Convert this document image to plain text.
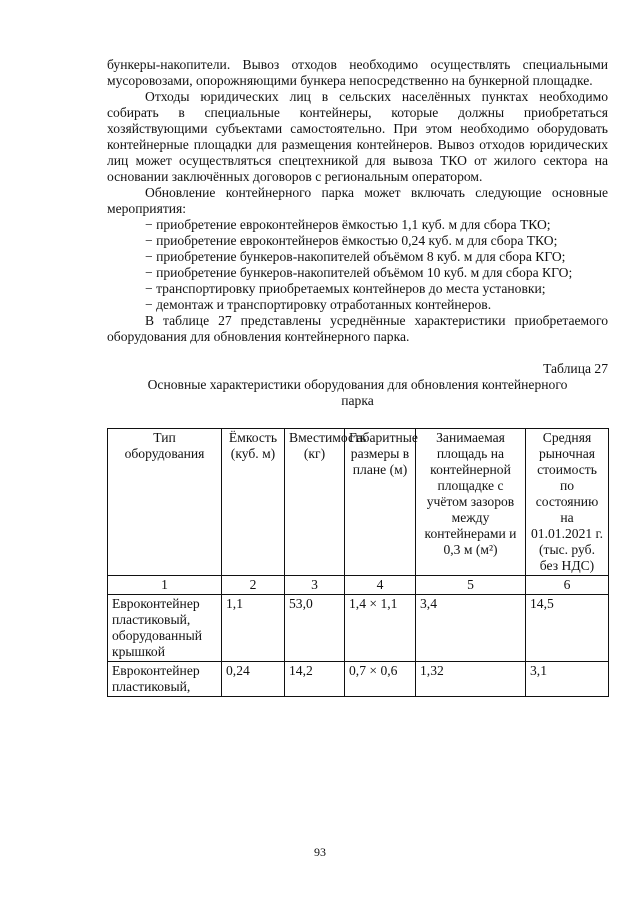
бункеры-накопители. Вывоз отходов необходимо осуществлять специальными мусоровозами, опорожняющими бункера непосредственно на бункерной площадке.

Отходы юридических лиц в сельских населённых пунктах необходимо собирать в специальные контейнеры, которые должны приобретаться хозяйствующими субъектами самостоятельно. При этом необходимо оборудовать контейнерные площадки для размещения контейнеров. Вывоз отходов юридических лиц может осуществляться спецтехникой для вывоза ТКО от жилого сектора на основании заключённых договоров с региональным оператором.

Обновление контейнерного парка может включать следующие основные мероприятия:

− приобретение евроконтейнеров ёмкостью 1,1 куб. м для сбора ТКО;
− приобретение евроконтейнеров ёмкостью 0,24 куб. м для сбора ТКО;
− приобретение бункеров-накопителей объёмом 8 куб. м для сбора КГО;
− приобретение бункеров-накопителей объёмом 10 куб. м для сбора КГО;
− транспортировку приобретаемых контейнеров до места установки;
− демонтаж и транспортировку отработанных контейнеров.

В таблице 27 представлены усреднённые характеристики приобретаемого оборудования для обновления контейнерного парка.

Таблица 27
Основные характеристики оборудования для обновления контейнерного парка
Тип оборудования	Ёмкость (куб. м)	Вместимость (кг)	Габаритные размеры в плане (м)	Занимаемая площадь на контейнерной площадке с учётом зазоров между контейнерами и 0,3 м (м²)	Средняя рыночная стоимость по состоянию на 01.01.2021 г. (тыс. руб. без НДС)
1	2	3	4	5	6
Евроконтейнер пластиковый, оборудованный крышкой	1,1	53,0	1,4 × 1,1	3,4	14,5
Евроконтейнер пластиковый,	0,24	14,2	0,7 × 0,6	1,32	3,1
93
